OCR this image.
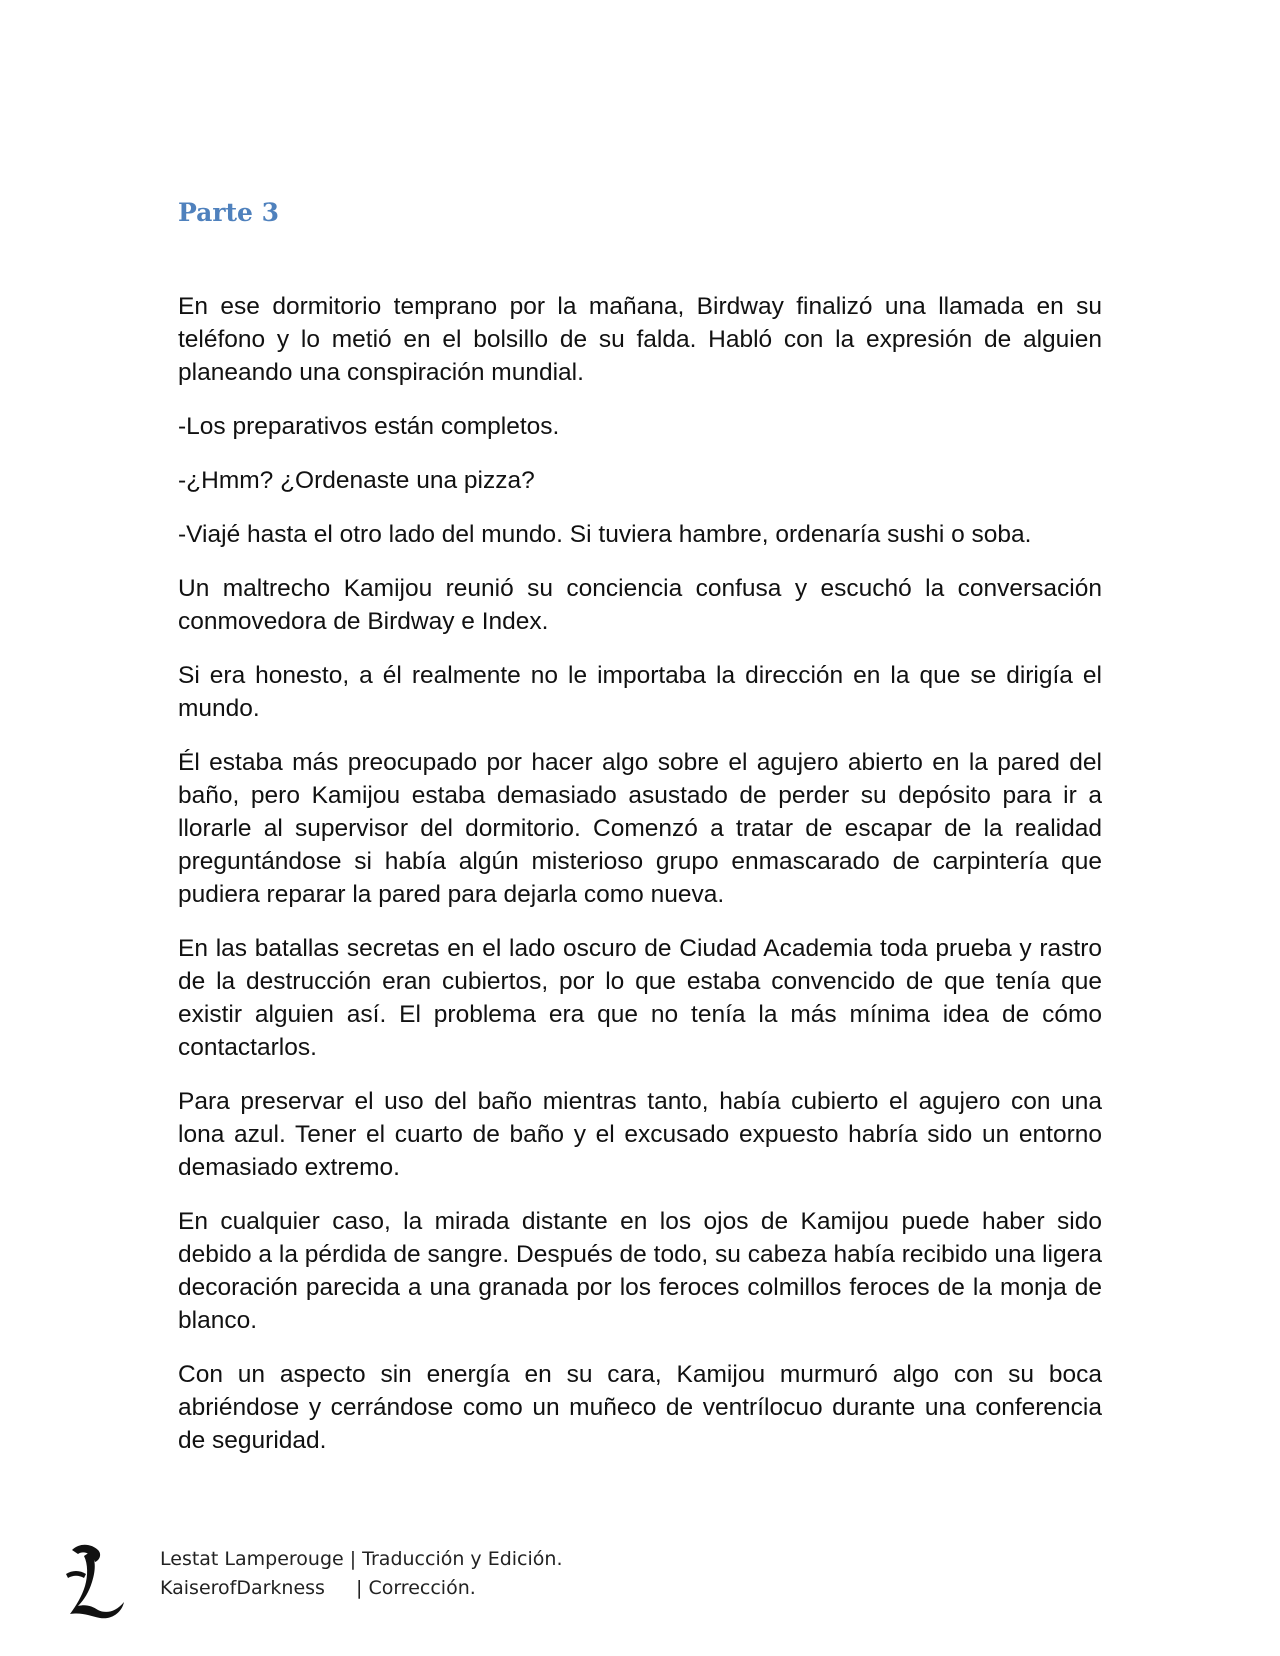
Parte 3

En ese dormitorio temprano por la mañana, Birdway finalizó una llamada en su teléfono y lo metió en el bolsillo de su falda. Habló con la expresión de alguien planeando una conspiración mundial.

-Los preparativos están completos.

-¿Hmm? ¿Ordenaste una pizza?

-Viajé hasta el otro lado del mundo. Si tuviera hambre, ordenaría sushi o soba.

Un maltrecho Kamijou reunió su conciencia confusa y escuchó la conversación conmovedora de Birdway e Index.

Si era honesto, a él realmente no le importaba la dirección en la que se dirigía el mundo.

Él estaba más preocupado por hacer algo sobre el agujero abierto en la pared del baño, pero Kamijou estaba demasiado asustado de perder su depósito para ir a llorarle al supervisor del dormitorio. Comenzó a tratar de escapar de la realidad preguntándose si había algún misterioso grupo enmascarado de carpintería que pudiera reparar la pared para dejarla como nueva.

En las batallas secretas en el lado oscuro de Ciudad Academia toda prueba y rastro de la destrucción eran cubiertos, por lo que estaba convencido de que tenía que existir alguien así. El problema era que no tenía la más mínima idea de cómo contactarlos.

Para preservar el uso del baño mientras tanto, había cubierto el agujero con una lona azul. Tener el cuarto de baño y el excusado expuesto habría sido un entorno demasiado extremo.

En cualquier caso, la mirada distante en los ojos de Kamijou puede haber sido debido a la pérdida de sangre. Después de todo, su cabeza había recibido una ligera decoración parecida a una granada por los feroces colmillos feroces de la monja de blanco.

Con un aspecto sin energía en su cara, Kamijou murmuró algo con su boca abriéndose y cerrándose como un muñeco de ventrílocuo durante una conferencia de seguridad.

Lestat Lamperouge | Traducción y Edición.
KaiserofDarkness	| Corrección.
